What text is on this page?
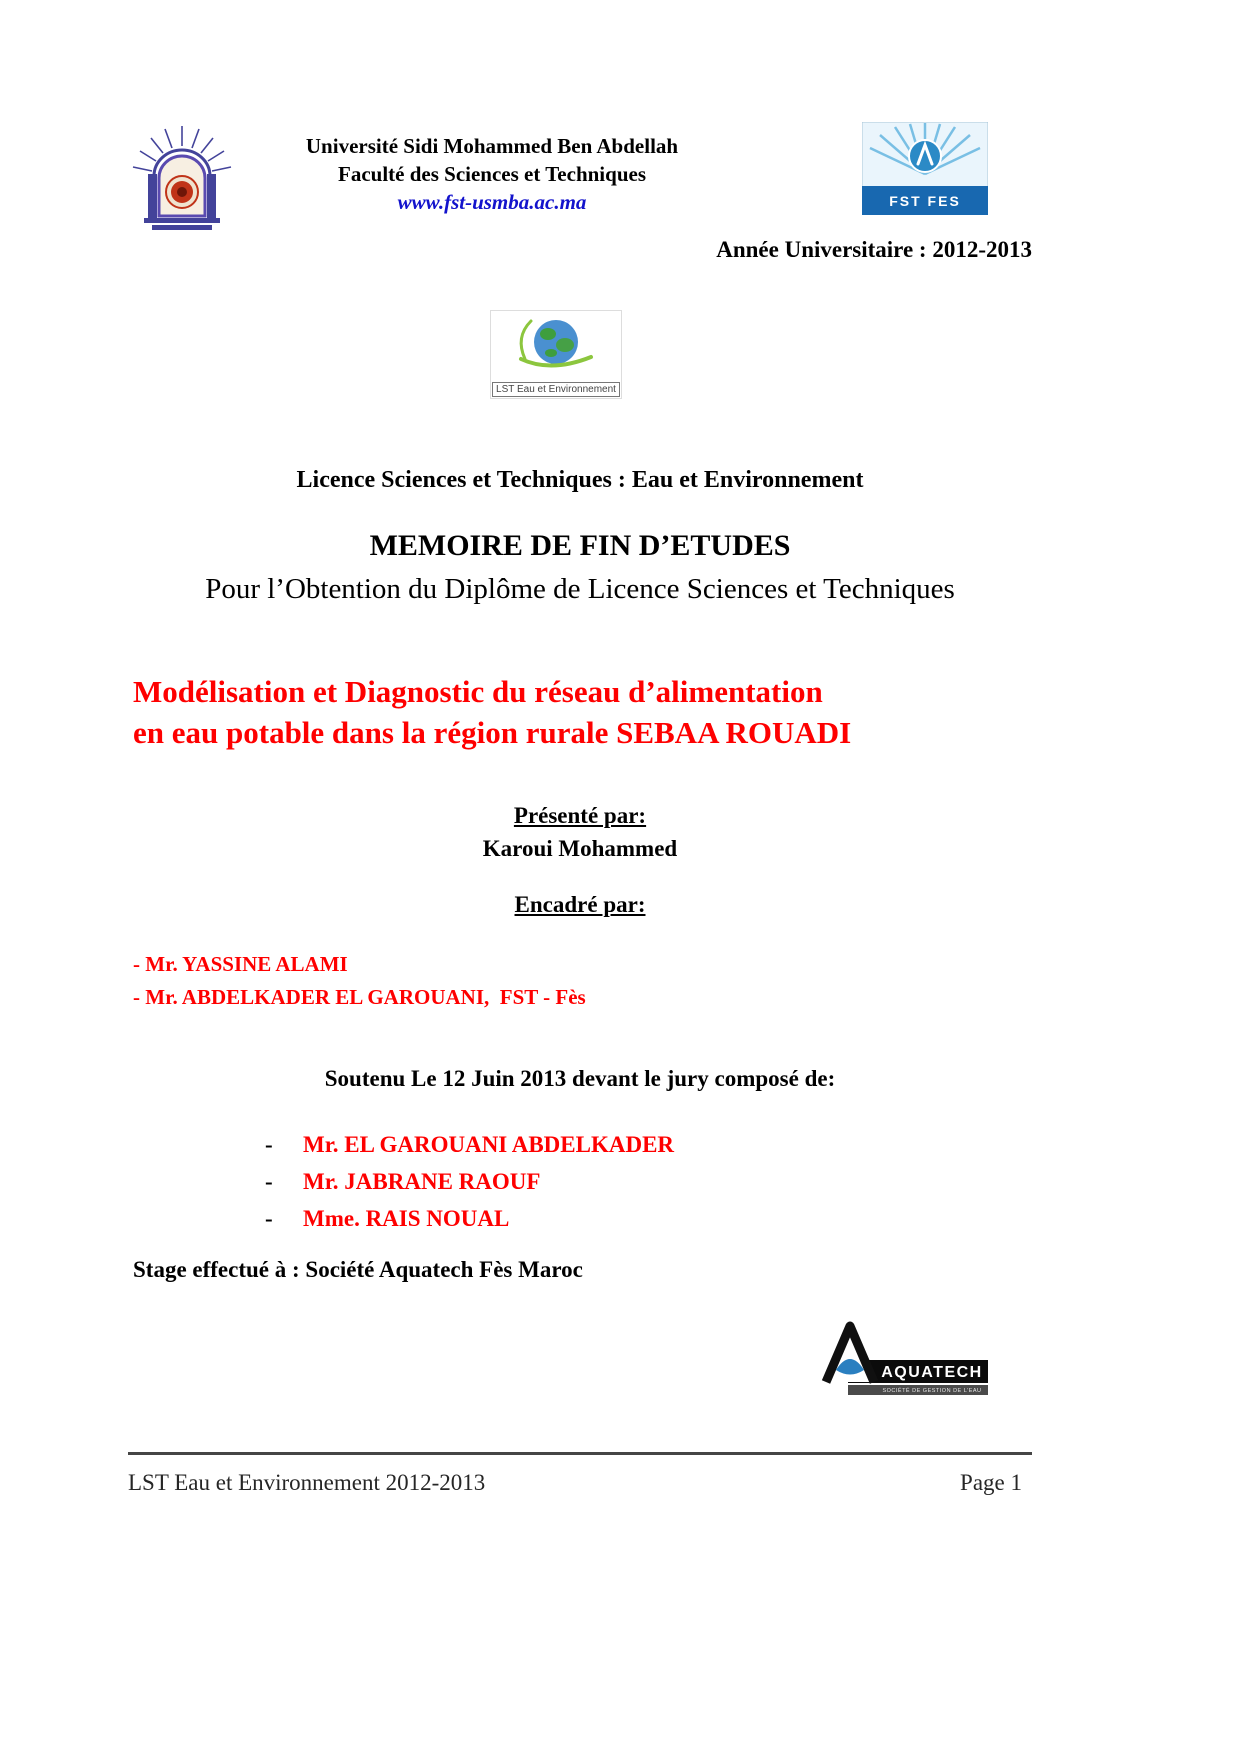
Université Sidi Mohammed Ben Abdellah
Faculté des Sciences et Techniques
www.fst-usmba.ac.ma	FST FES
Année Universitaire : 2012-2013
LST Eau et Environnement
Licence Sciences et Techniques : Eau et Environnement
MEMOIRE DE FIN D’ETUDES
Pour l’Obtention du Diplôme de Licence Sciences et Techniques
Modélisation et Diagnostic du réseau d’alimentation
en eau potable dans la région rurale SEBAA ROUADI
Présenté par:
Karoui Mohammed
Encadré par:
- Mr. YASSINE ALAMI
- Mr. ABDELKADER EL GAROUANI,  FST - Fès
Soutenu Le 12 Juin 2013 devant le jury composé de:
-	Mr. EL GAROUANI ABDELKADER
-	Mr. JABRANE RAOUF
-	Mme. RAIS NOUAL
Stage effectué à : Société Aquatech Fès Maroc
AQUATECH
SOCIÉTÉ DE GESTION DE L’EAU
LST Eau et Environnement 2012-2013	Page 1
